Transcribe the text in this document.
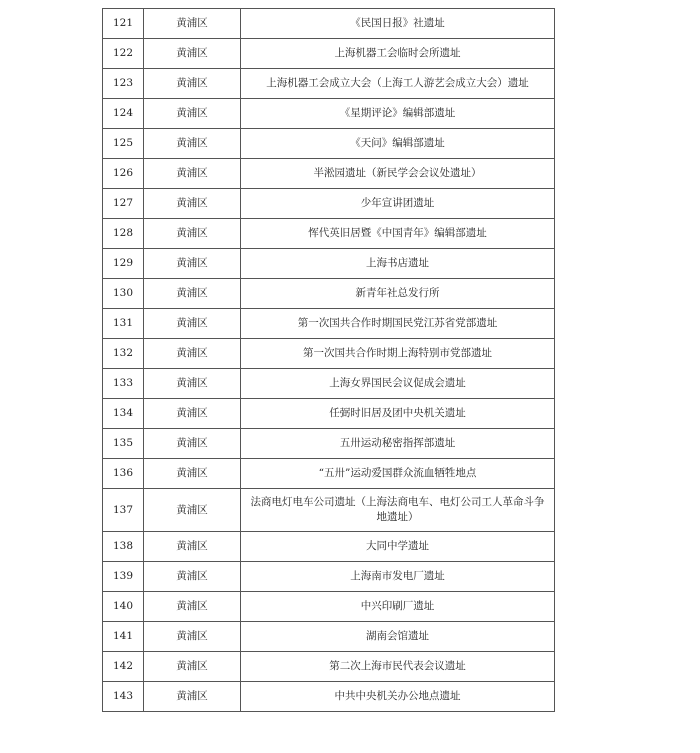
121	黄浦区	《民国日报》社遗址
122	黄浦区	上海机器工会临时会所遗址
123	黄浦区	上海机器工会成立大会（上海工人游艺会成立大会）遗址
124	黄浦区	《星期评论》编辑部遗址
125	黄浦区	《天问》编辑部遗址
126	黄浦区	半淞园遗址（新民学会会议处遗址）
127	黄浦区	少年宣讲团遗址
128	黄浦区	恽代英旧居暨《中国青年》编辑部遗址
129	黄浦区	上海书店遗址
130	黄浦区	新青年社总发行所
131	黄浦区	第一次国共合作时期国民党江苏省党部遗址
132	黄浦区	第一次国共合作时期上海特别市党部遗址
133	黄浦区	上海女界国民会议促成会遗址
134	黄浦区	任弼时旧居及团中央机关遗址
135	黄浦区	五卅运动秘密指挥部遗址
136	黄浦区	“五卅”运动爱国群众流血牺牲地点
137	黄浦区	法商电灯电车公司遗址（上海法商电车、电灯公司工人革命斗争地遗址）
138	黄浦区	大同中学遗址
139	黄浦区	上海南市发电厂遗址
140	黄浦区	中兴印刷厂遗址
141	黄浦区	湖南会馆遗址
142	黄浦区	第二次上海市民代表会议遗址
143	黄浦区	中共中央机关办公地点遗址
